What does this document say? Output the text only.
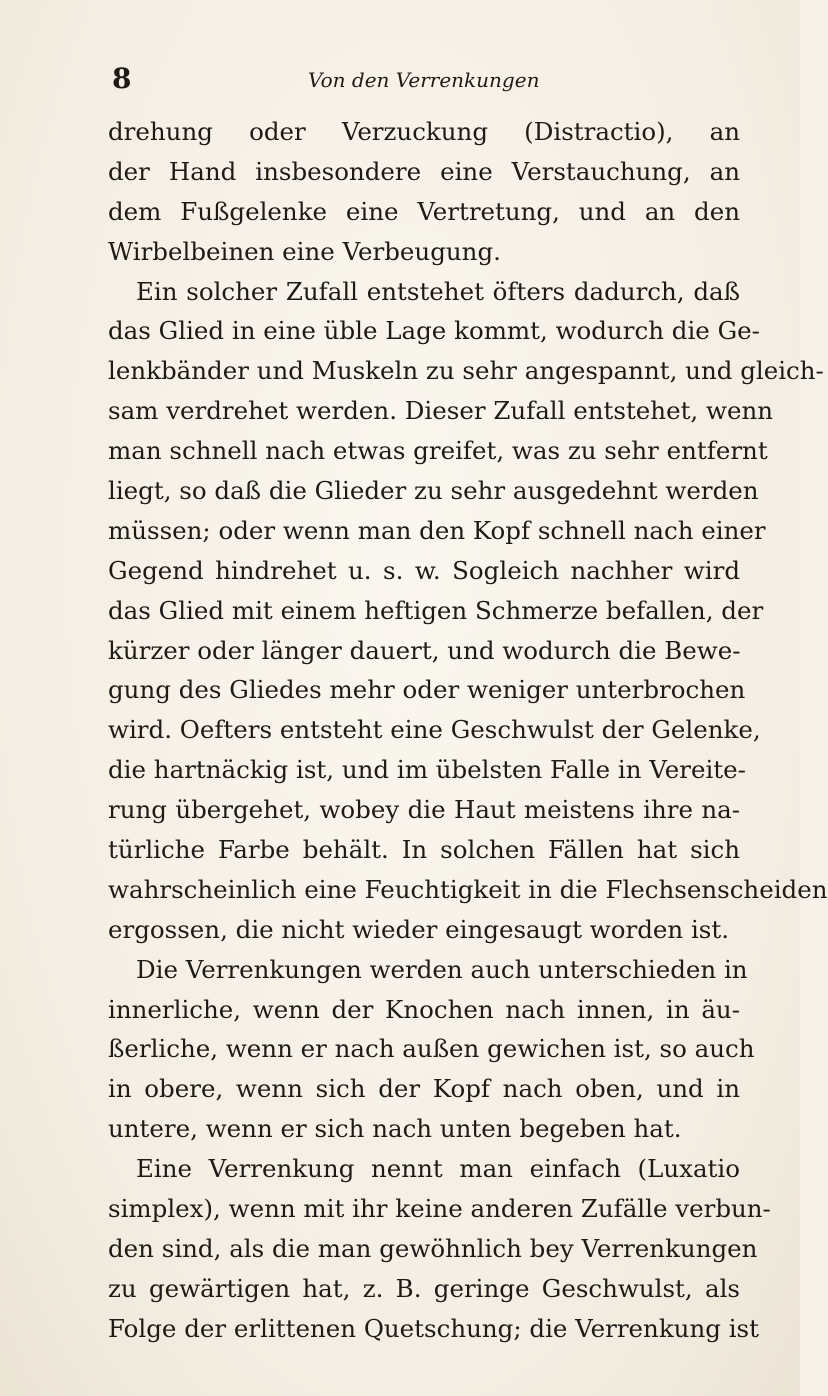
8	Von den Verrenkungen
drehung oder Verzuckung (Distractio), an
der Hand insbesondere eine Verstauchung, an
dem Fußgelenke eine Vertretung, und an den
Wirbelbeinen eine Verbeugung.
Ein solcher Zufall entstehet öfters dadurch, daß
das Glied in eine üble Lage kommt, wodurch die Ge-
lenkbänder und Muskeln zu sehr angespannt, und gleich-
sam verdrehet werden. Dieser Zufall entstehet, wenn
man schnell nach etwas greifet, was zu sehr entfernt
liegt, so daß die Glieder zu sehr ausgedehnt werden
müssen; oder wenn man den Kopf schnell nach einer
Gegend hindrehet u. s. w. Sogleich nachher wird
das Glied mit einem heftigen Schmerze befallen, der
kürzer oder länger dauert, und wodurch die Bewe-
gung des Gliedes mehr oder weniger unterbrochen
wird. Oefters entsteht eine Geschwulst der Gelenke,
die hartnäckig ist, und im übelsten Falle in Vereite-
rung übergehet, wobey die Haut meistens ihre na-
türliche Farbe behält. In solchen Fällen hat sich
wahrscheinlich eine Feuchtigkeit in die Flechsenscheiden
ergossen, die nicht wieder eingesaugt worden ist.
Die Verrenkungen werden auch unterschieden in
innerliche, wenn der Knochen nach innen, in äu-
ßerliche, wenn er nach außen gewichen ist, so auch
in obere, wenn sich der Kopf nach oben, und in
untere, wenn er sich nach unten begeben hat.
Eine Verrenkung nennt man einfach (Luxatio
simplex), wenn mit ihr keine anderen Zufälle verbun-
den sind, als die man gewöhnlich bey Verrenkungen
zu gewärtigen hat, z. B. geringe Geschwulst, als
Folge der erlittenen Quetschung; die Verrenkung ist
